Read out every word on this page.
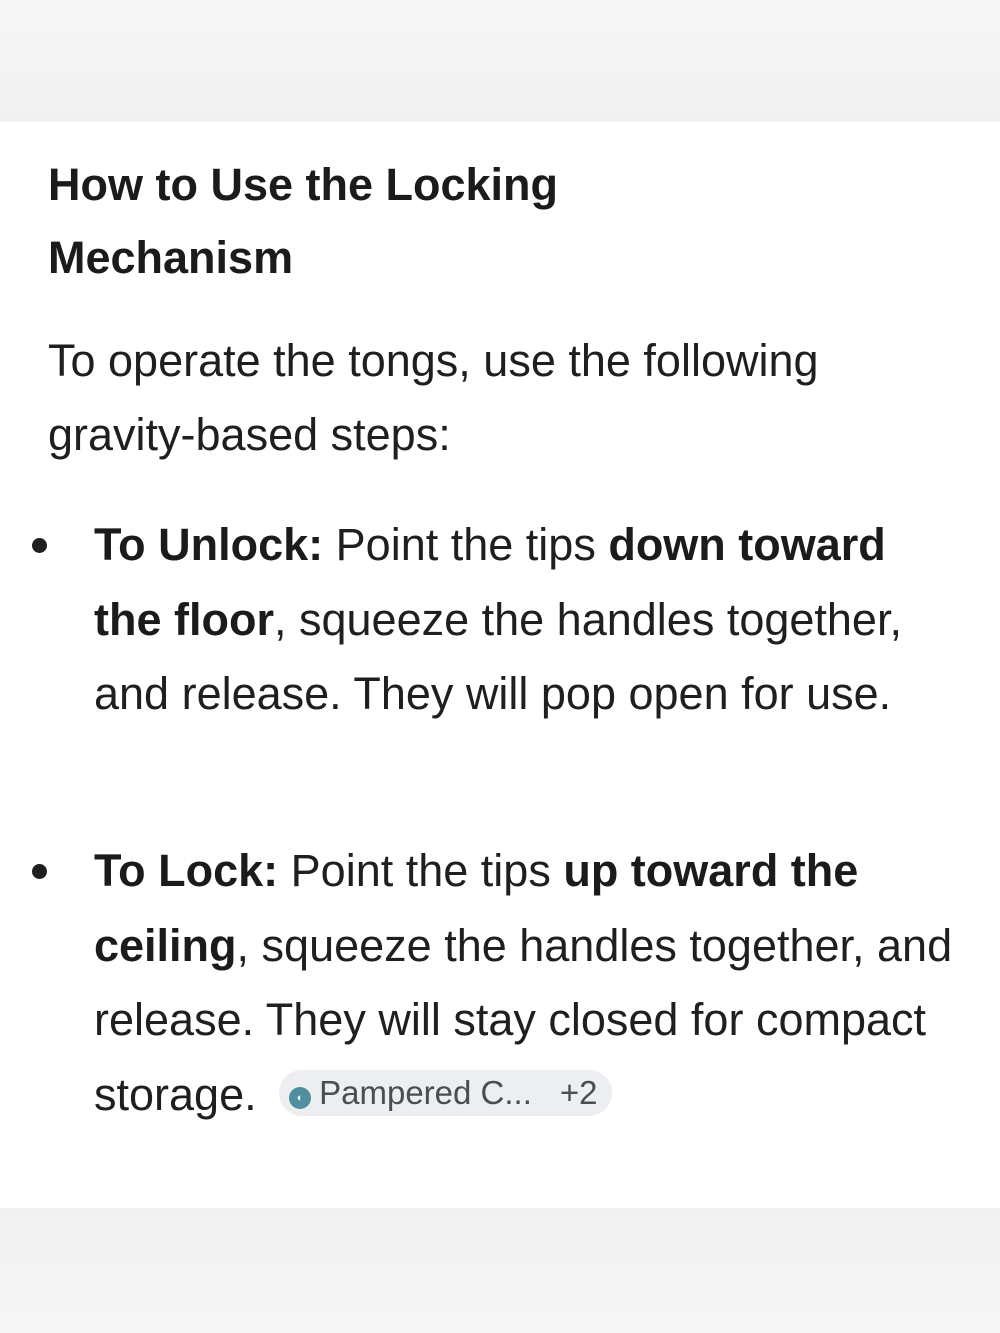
How to Use the Locking Mechanism

To operate the tongs, use the following gravity-based steps:

To Unlock: Point the tips down toward the floor, squeeze the handles together, and release. They will pop open for use.
To Lock: Point the tips up toward the ceiling, squeeze the handles together, and release. They will stay closed for compact storage.	◐ Pampered C... +2
